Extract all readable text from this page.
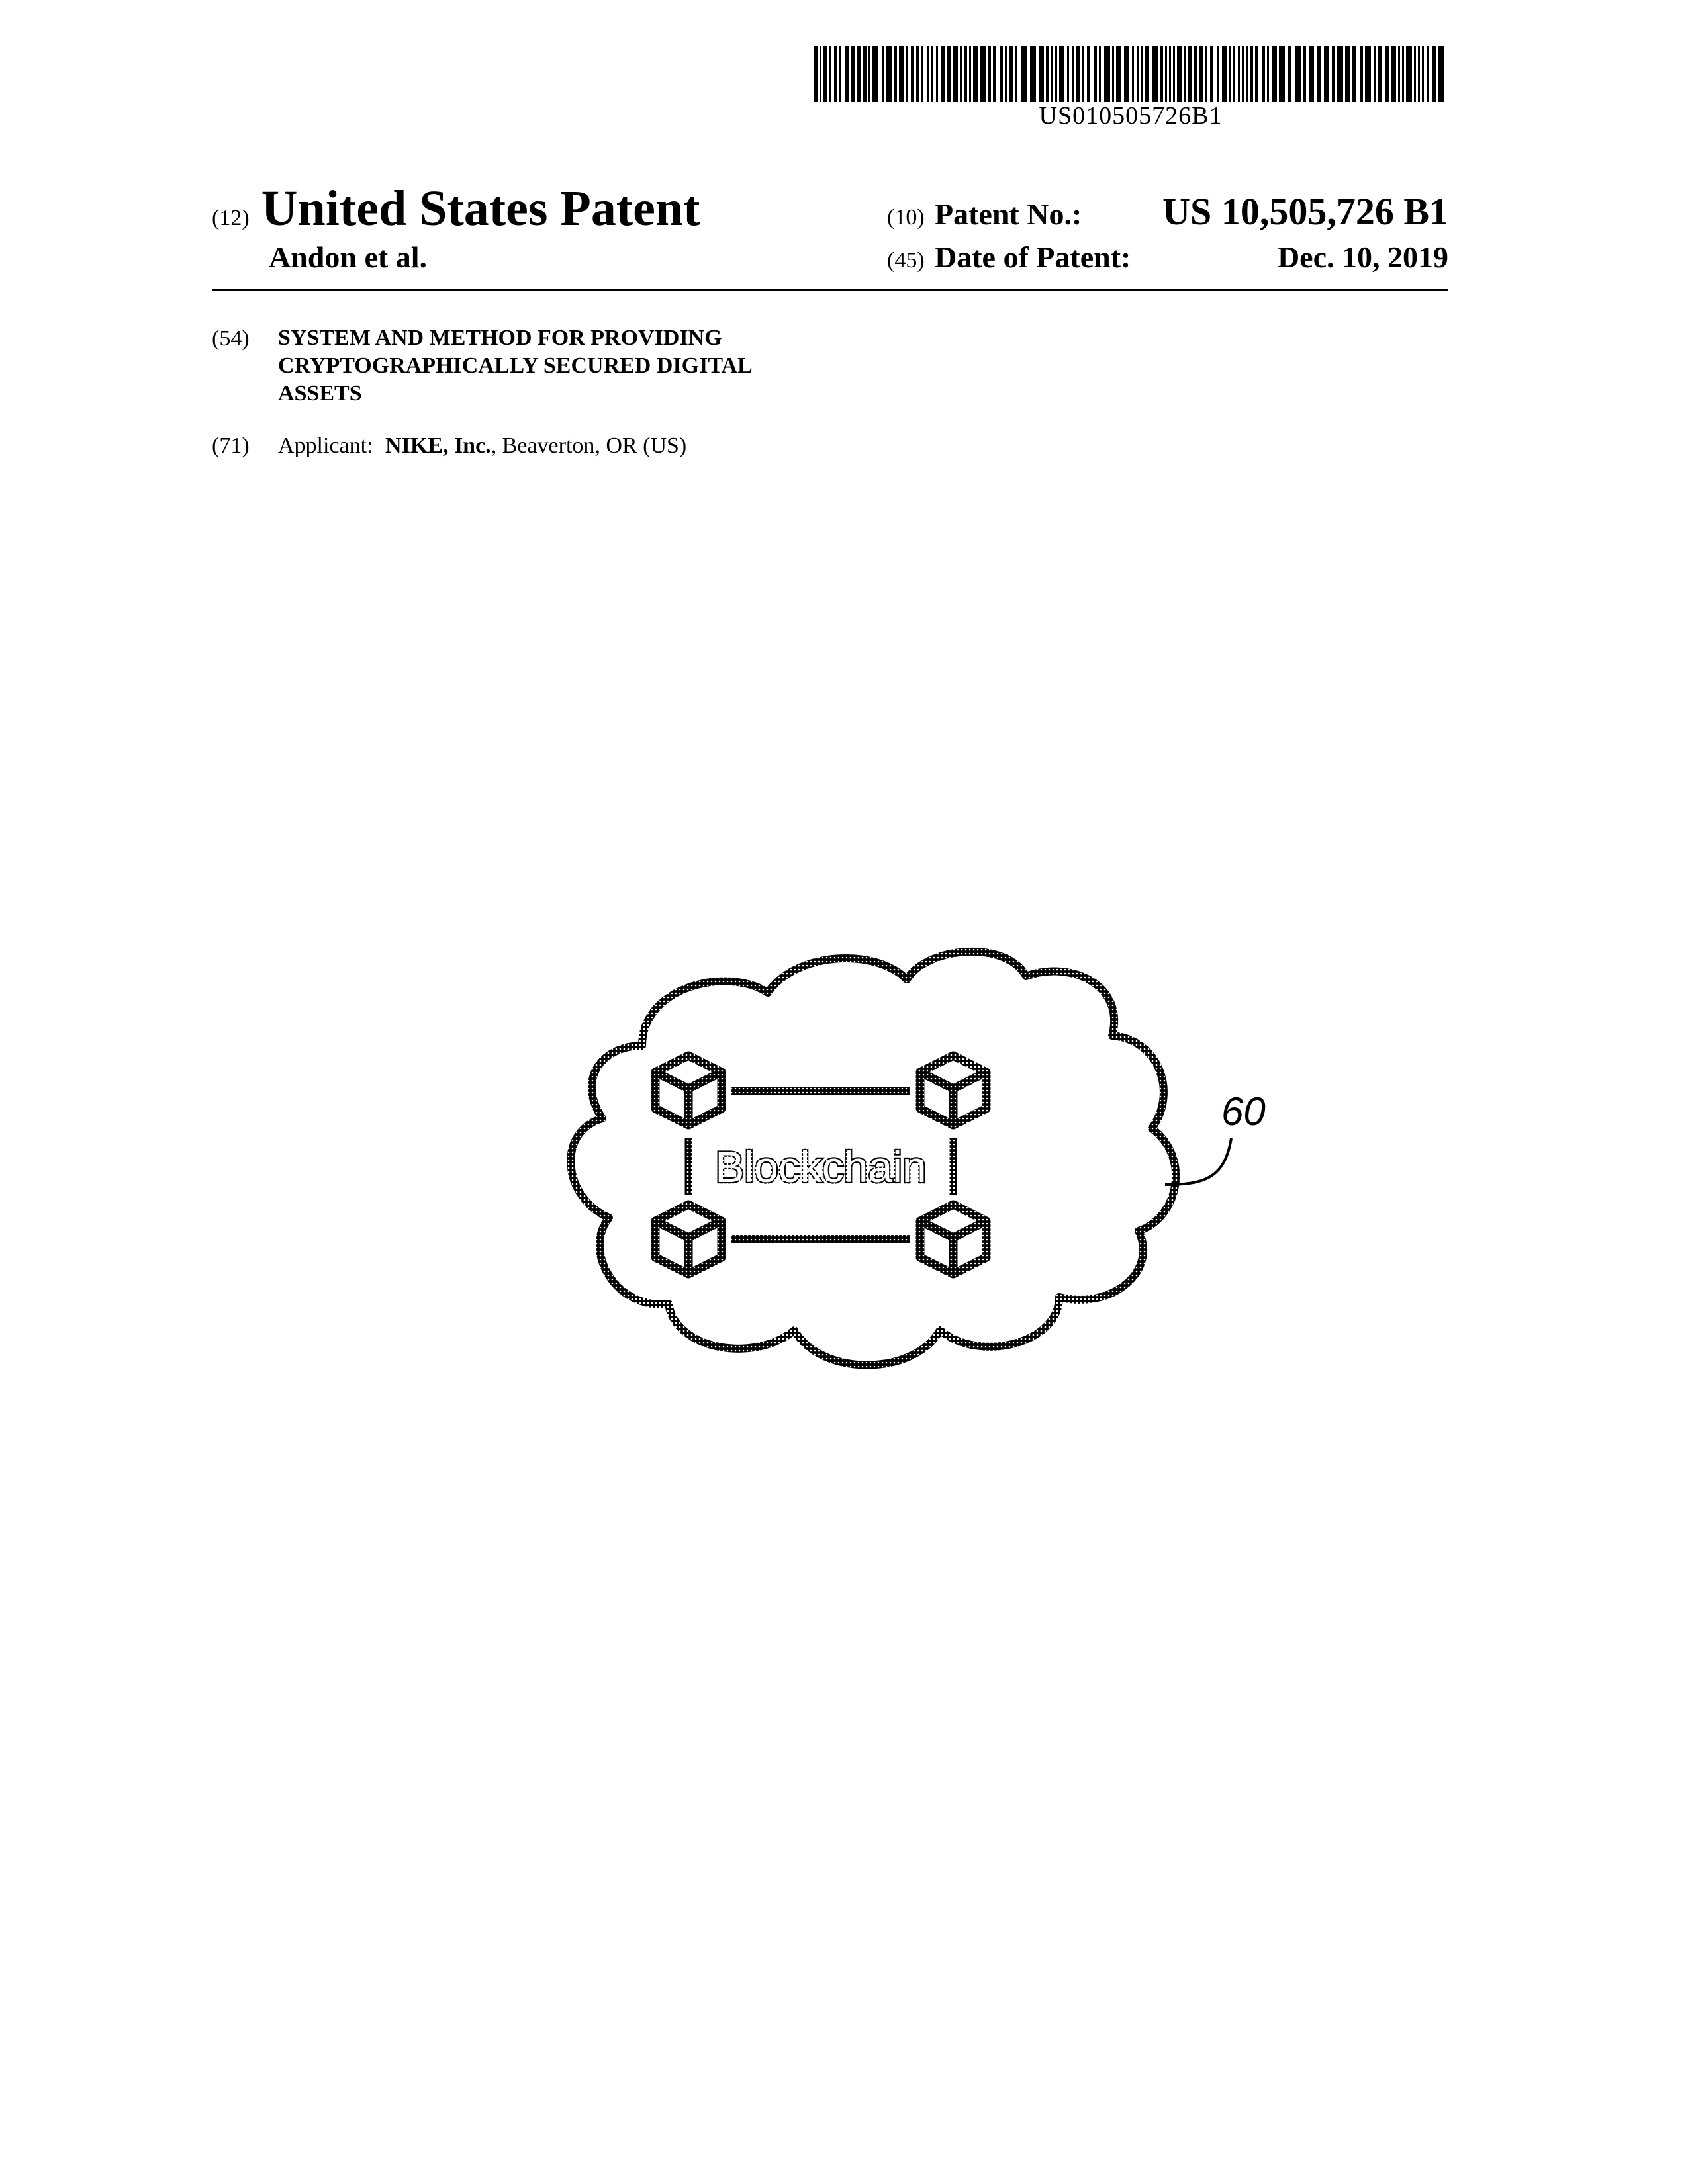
US010505726B1
(12) United States Patent
Andon et al.
(10) Patent No.:	US 10,505,726 B1
(45) Date of Patent:	Dec. 10, 2019
(54)	SYSTEM AND METHOD FOR PROVIDING
CRYPTOGRAPHICALLY SECURED DIGITAL
ASSETS
(71)	Applicant: NIKE, Inc., Beaverton, OR (US)
Blockchain
60
